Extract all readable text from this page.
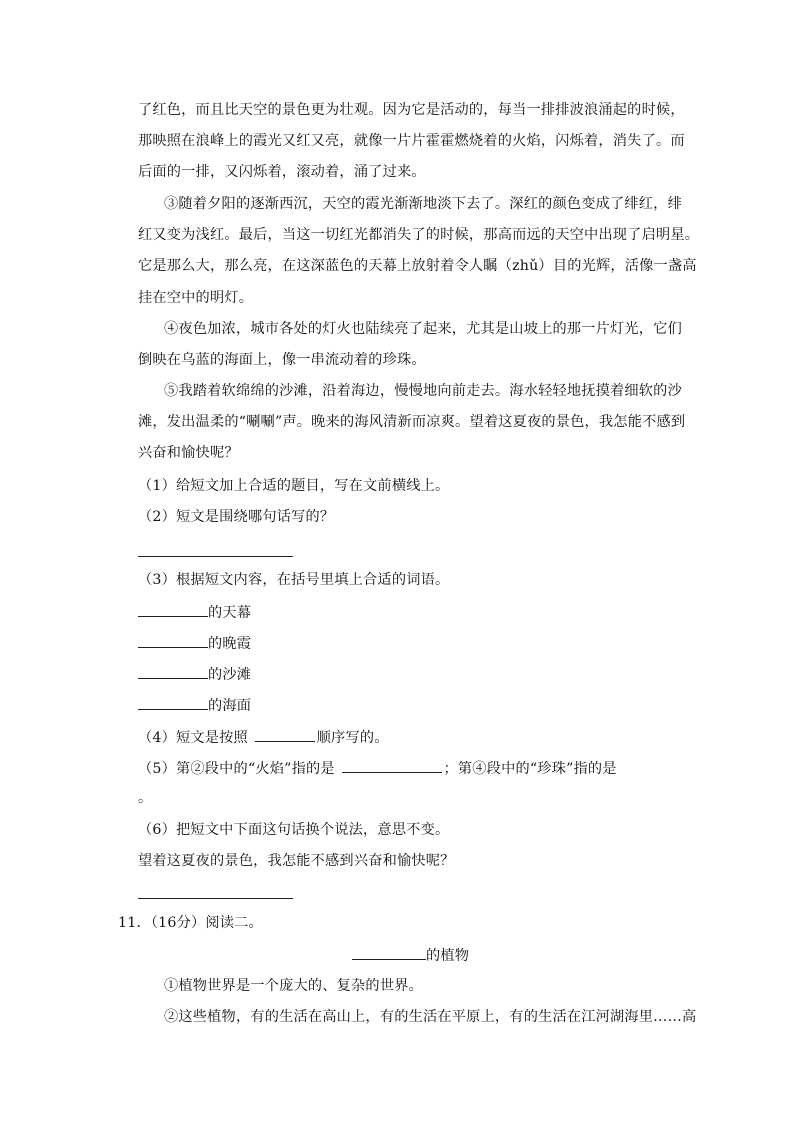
了红色，而且比天空的景色更为壮观。因为它是活动的，每当一排排波浪涌起的时候，
那映照在浪峰上的霞光又红又亮，就像一片片霍霍燃烧着的火焰，闪烁着，消失了。而
后面的一排，又闪烁着，滚动着，涌了过来。
③随着夕阳的逐渐西沉，天空的霞光渐渐地淡下去了。深红的颜色变成了绯红，绯
红又变为浅红。最后，当这一切红光都消失了的时候，那高而远的天空中出现了启明星。
它是那么大，那么亮，在这深蓝色的天幕上放射着令人瞩（zhǔ）目的光辉，活像一盏高
挂在空中的明灯。
④夜色加浓，城市各处的灯火也陆续亮了起来，尤其是山坡上的那一片灯光，它们
倒映在乌蓝的海面上，像一串流动着的珍珠。
⑤我踏着软绵绵的沙滩，沿着海边，慢慢地向前走去。海水轻轻地抚摸着细软的沙
滩，发出温柔的“唰唰”声。晚来的海风清新而凉爽。望着这夏夜的景色，我怎能不感到
兴奋和愉快呢？
（1）给短文加上合适的题目，写在文前横线上。
（2）短文是围绕哪句话写的？
（3）根据短文内容，在括号里填上合适的词语。
的天幕
的晚霞
的沙滩
的海面
（4）短文是按照	顺序写的。
（5）第②段中的“火焰”指的是	；第④段中的“珍珠”指的是
。
（6）把短文中下面这句话换个说法，意思不变。
望着这夏夜的景色，我怎能不感到兴奋和愉快呢？
11．（16分）阅读二。
的植物
①植物世界是一个庞大的、复杂的世界。
②这些植物，有的生活在高山上，有的生活在平原上，有的生活在江河湖海里……高
